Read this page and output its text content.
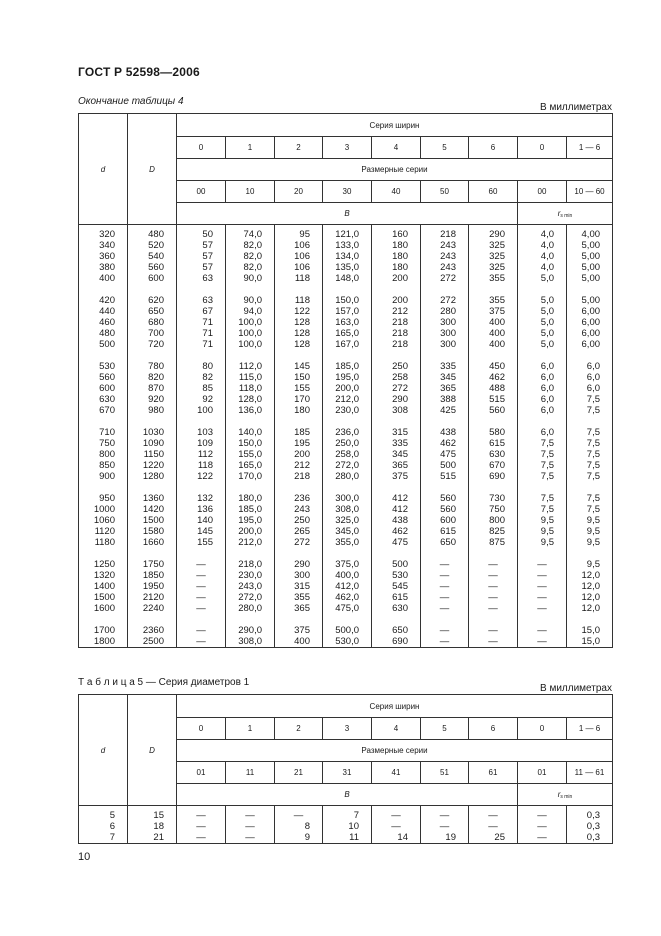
ГОСТ Р 52598—2006
Окончание таблицы 4
В миллиметрах
d	D	Серия ширин								
		0	1	2	3	4	5	6	0	1 — 6
		Размерные серии								
		00	10	20	30	40	50	60	00	10 — 60
		B							$r_{s min}$
320	480	50	74,0	95	121,0	160	218	290	4,0	4,00
340	520	57	82,0	106	133,0	180	243	325	4,0	5,00
360	540	57	82,0	106	134,0	180	243	325	4,0	5,00
380	560	57	82,0	106	135,0	180	243	325	4,0	5,00
400	600	63	90,0	118	148,0	200	272	355	5,0	5,00
420	620	63	90,0	118	150,0	200	272	355	5,0	5,00
440	650	67	94,0	122	157,0	212	280	375	5,0	6,00
460	680	71	100,0	128	163,0	218	300	400	5,0	6,00
480	700	71	100,0	128	165,0	218	300	400	5,0	6,00
500	720	71	100,0	128	167,0	218	300	400	5,0	6,00
530	780	80	112,0	145	185,0	250	335	450	6,0	6,0
560	820	82	115,0	150	195,0	258	345	462	6,0	6,0
600	870	85	118,0	155	200,0	272	365	488	6,0	6,0
630	920	92	128,0	170	212,0	290	388	515	6,0	7,5
670	980	100	136,0	180	230,0	308	425	560	6,0	7,5
710	1030	103	140,0	185	236,0	315	438	580	6,0	7,5
750	1090	109	150,0	195	250,0	335	462	615	7,5	7,5
800	1150	112	155,0	200	258,0	345	475	630	7,5	7,5
850	1220	118	165,0	212	272,0	365	500	670	7,5	7,5
900	1280	122	170,0	218	280,0	375	515	690	7,5	7,5
950	1360	132	180,0	236	300,0	412	560	730	7,5	7,5
1000	1420	136	185,0	243	308,0	412	560	750	7,5	7,5
1060	1500	140	195,0	250	325,0	438	600	800	9,5	9,5
1120	1580	145	200,0	265	345,0	462	615	825	9,5	9,5
1180	1660	155	212,0	272	355,0	475	650	875	9,5	9,5
1250	1750	—	218,0	290	375,0	500	—	—	—	9,5
1320	1850	—	230,0	300	400,0	530	—	—	—	12,0
1400	1950	—	243,0	315	412,0	545	—	—	—	12,0
1500	2120	—	272,0	355	462,0	615	—	—	—	12,0
1600	2240	—	280,0	365	475,0	630	—	—	—	12,0
1700	2360	—	290,0	375	500,0	650	—	—	—	15,0
1800	2500	—	308,0	400	530,0	690	—	—	—	15,0
Т а б л и ц а 5 — Серия диаметров 1
В миллиметрах
d	D	Серия ширин								
		0	1	2	3	4	5	6	0	1 — 6
		Размерные серии								
		01	11	21	31	41	51	61	01	11 — 61
		B							$r_{s min}$
5	15	—	—	—	7	—	—	—	—	0,3
6	18	—	—	8	10	—	—	—	—	0,3
7	21	—	—	9	11	14	19	25	—	0,3
10
